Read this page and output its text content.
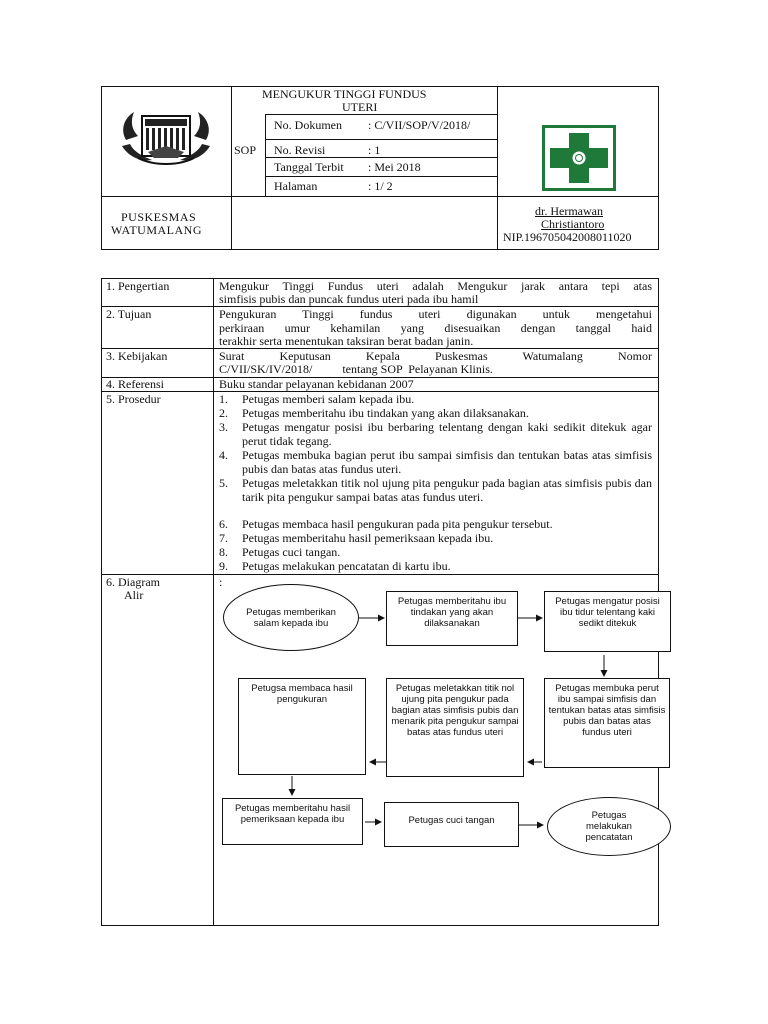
MENGUKUR TINGGI FUNDUS
UTERI
SOP
No. Dokumen : C/VII/SOP/V/2018/
No. Revisi	: 1
Tanggal Terbit : Mei 2018
Halaman	: 1/ 2
PUSKESMAS
WATUMALANG
dr. Hermawan
Christiantoro
NIP.196705042008011020
1. Pengertian	Mengukur Tinggi Fundus uteri adalah Mengukur jarak antara tepi atas
simfisis pubis dan puncak fundus uteri pada ibu hamil
2. Tujuan	Pengukuran Tinggi fundus uteri digunakan untuk mengetahui
perkiraan umur kehamilan yang disesuaikan dengan tanggal haid
terakhir serta menentukan taksiran berat badan janin.
3. Kebijakan	Surat Keputusan Kepala Puskesmas Watumalang Nomor
C/VII/SK/IV/2018/          tentang SOP  Pelayanan Klinis.
4. Referensi	Buku standar pelayanan kebidanan 2007
5. Prosedur	1. Petugas memberi salam kepada ibu.
2. Petugas memberitahu ibu tindakan yang akan dilaksanakan.
3. Petugas mengatur posisi ibu berbaring telentang dengan kaki sedikit ditekuk agar perut tidak tegang.
4. Petugas membuka bagian perut ibu sampai simfisis dan tentukan batas atas simfisis pubis dan batas atas fundus uteri.
5. Petugas meletakkan titik nol ujung pita pengukur pada bagian atas simfisis pubis dan tarik pita pengukur sampai batas atas fundus uteri.
6. Petugas membaca hasil pengukuran pada pita pengukur tersebut.
7. Petugas memberitahu hasil pemeriksaan kepada ibu.
8. Petugas cuci tangan.
9. Petugas melakukan pencatatan di kartu ibu.
6. Diagram
Alir
:
Petugas memberikan salam kepada ibu
Petugas memberitahu ibu tindakan yang akan dilaksanakan
Petugas mengatur posisi ibu tidur telentang kaki sedikt ditekuk
Petugas membuka perut ibu sampai simfisis dan tentukan batas atas simfisis pubis dan batas atas fundus uteri
Petugas meletakkan titik nol ujung pita pengukur pada bagian atas simfisis pubis dan menarik pita pengukur sampai batas atas fundus uteri
Petugsa membaca hasil pengukuran
Petugas memberitahu hasil pemeriksaan kepada ibu	Petugas cuci tangan	Petugas melakukan pencatatan
